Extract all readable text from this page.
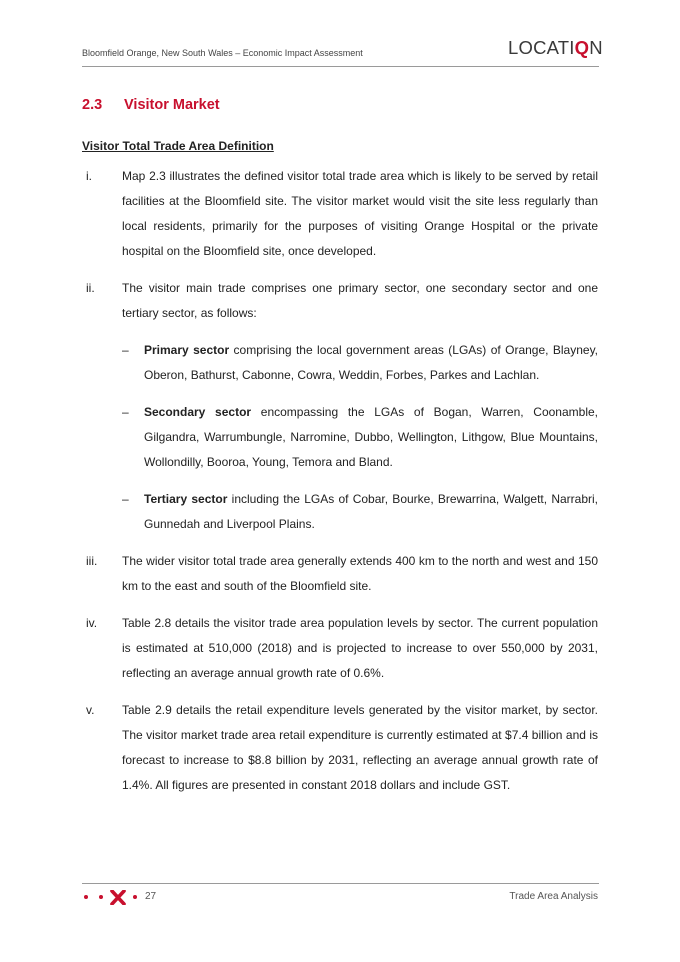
Bloomfield Orange, New South Wales – Economic Impact Assessment	LOCATIQN
2.3 Visitor Market
Visitor Total Trade Area Definition
i.	Map 2.3 illustrates the defined visitor total trade area which is likely to be served by retail facilities at the Bloomfield site. The visitor market would visit the site less regularly than local residents, primarily for the purposes of visiting Orange Hospital or the private hospital on the Bloomfield site, once developed.
ii. The visitor main trade comprises one primary sector, one secondary sector and one tertiary sector, as follows:
– Primary sector comprising the local government areas (LGAs) of Orange, Blayney, Oberon, Bathurst, Cabonne, Cowra, Weddin, Forbes, Parkes and Lachlan.
– Secondary sector encompassing the LGAs of Bogan, Warren, Coonamble, Gilgandra, Warrumbungle, Narromine, Dubbo, Wellington, Lithgow, Blue Mountains, Wollondilly, Booroa, Young, Temora and Bland.
– Tertiary sector including the LGAs of Cobar, Bourke, Brewarrina, Walgett, Narrabri, Gunnedah and Liverpool Plains.
iii. The wider visitor total trade area generally extends 400 km to the north and west and 150 km to the east and south of the Bloomfield site.
iv. Table 2.8 details the visitor trade area population levels by sector. The current population is estimated at 510,000 (2018) and is projected to increase to over 550,000 by 2031, reflecting an average annual growth rate of 0.6%.
v. Table 2.9 details the retail expenditure levels generated by the visitor market, by sector. The visitor market trade area retail expenditure is currently estimated at $7.4 billion and is forecast to increase to $8.8 billion by 2031, reflecting an average annual growth rate of 1.4%. All figures are presented in constant 2018 dollars and include GST.
27	Trade Area Analysis
